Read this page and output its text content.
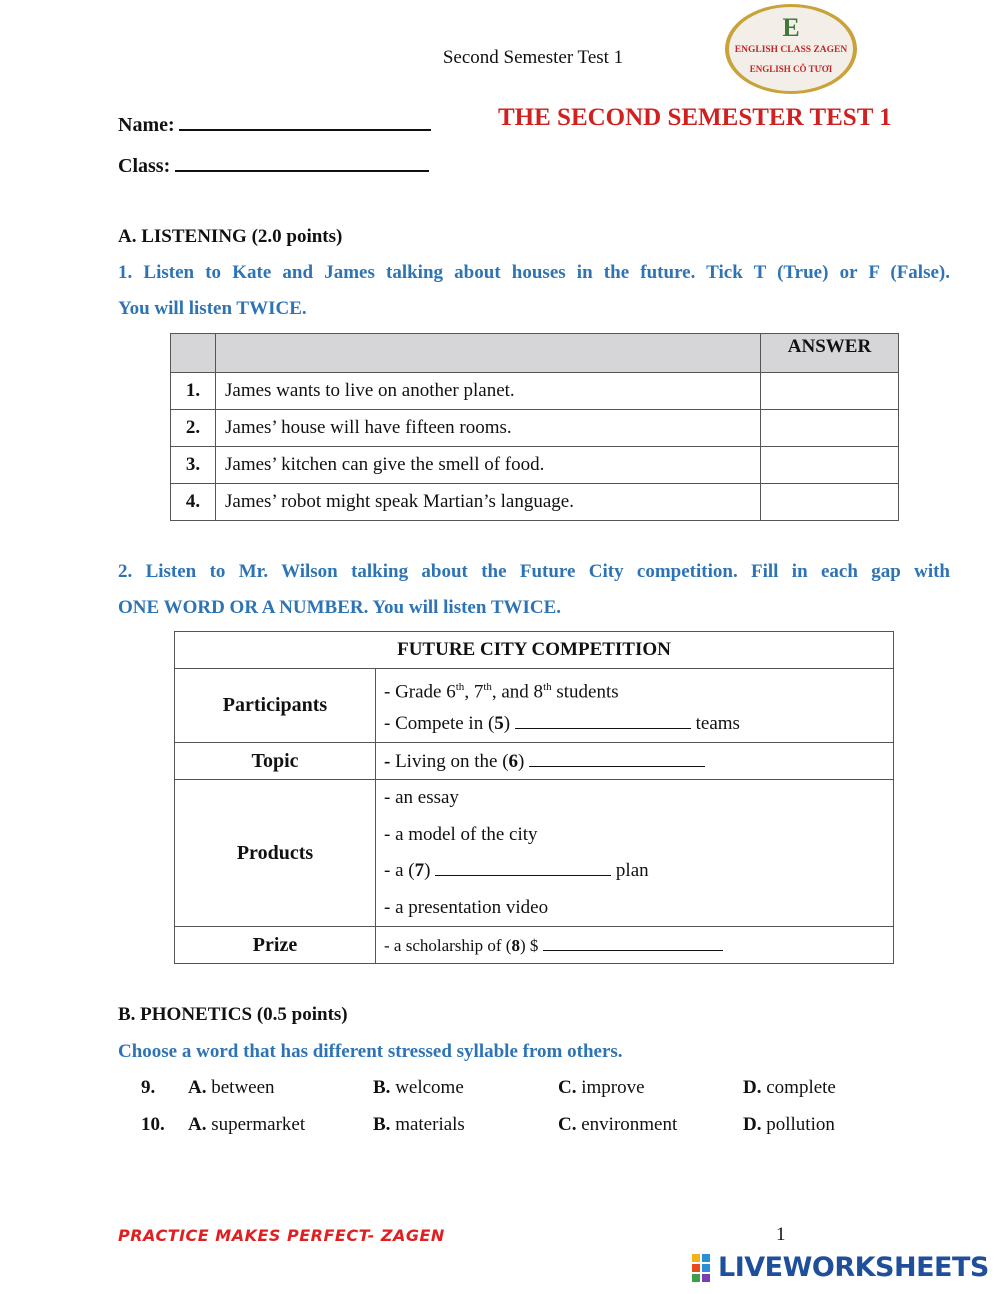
Second Semester Test 1
E
ENGLISH CLASS ZAGEN
ENGLISH CÔ TƯƠI
Name:
Class:
THE SECOND SEMESTER TEST 1
A. LISTENING (2.0 points)
1. Listen to Kate and James talking about houses in the future. Tick T (True) or F (False).
You will listen TWICE.
		ANSWER
1.	James wants to live on another planet.	
2.	James’ house will have fifteen rooms.	
3.	James’ kitchen can give the smell of food.	
4.	James’ robot might speak Martian’s language.	
2. Listen to Mr. Wilson talking about the Future City competition. Fill in each gap with
ONE WORD OR A NUMBER. You will listen TWICE.
FUTURE CITY COMPETITION	
Participants	- Grade 6th, 7th, and 8th students
- Compete in (5) teams

Topic	- Living on the (6)
Products	- an essay
- a model of the city
- a (7) plan
- a presentation video

Prize	- a scholarship of (8) $
B. PHONETICS (0.5 points)
Choose a word that has different stressed syllable from others.
9. A. between	B. welcome	C. improve	D. complete
10. A. supermarket	B. materials	C. environment	D. pollution
PRACTICE MAKES PERFECT- ZAGEN	1
LIVEWORKSHEETS
